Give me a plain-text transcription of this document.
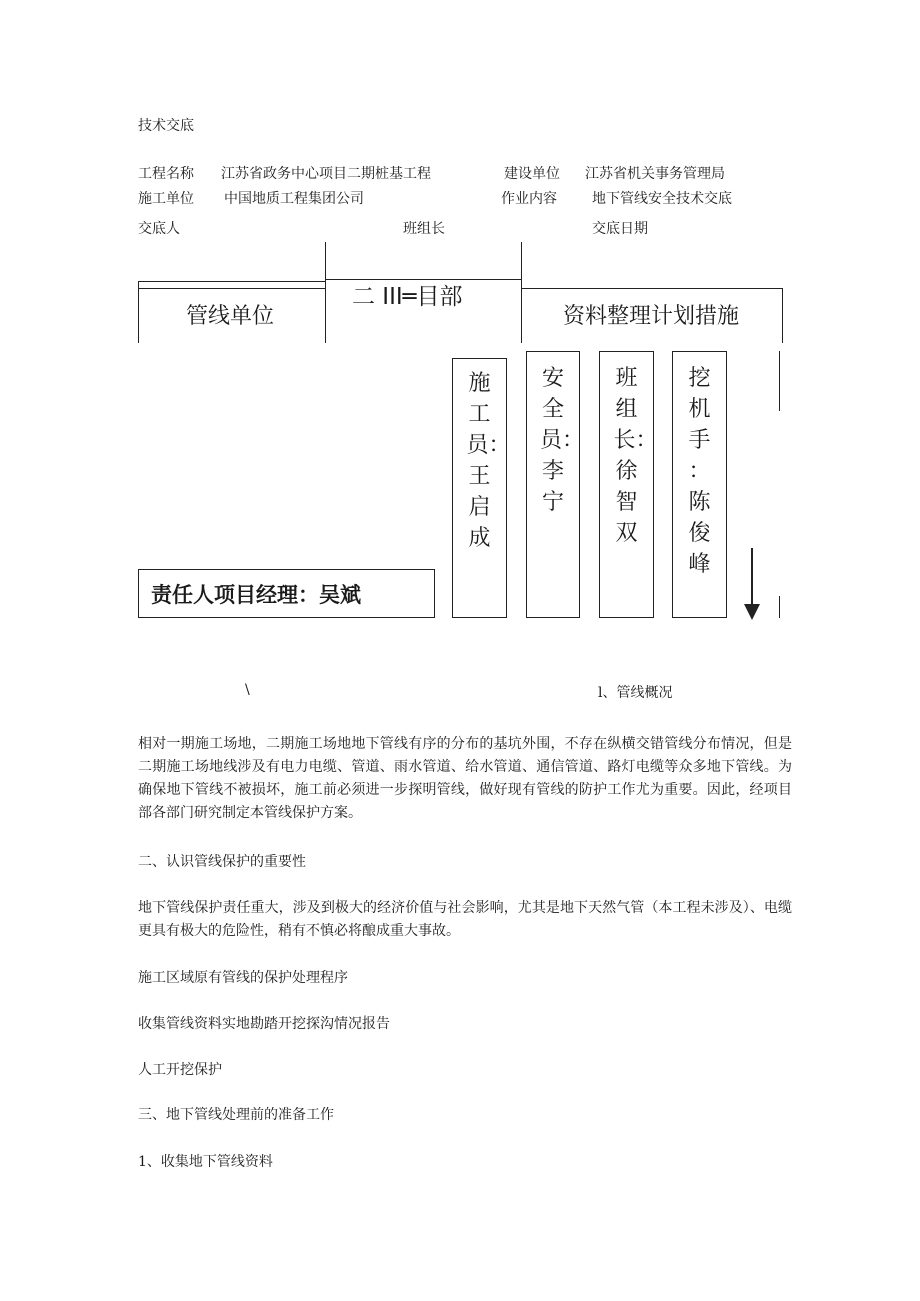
技术交底
工程名称 江苏省政务中心项目二期桩基工程	建设单位 江苏省机关事务管理局
施工单位 中国地质工程集团公司	作业内容	地下管线安全技术交底
交底人	班组长	交底日期
管线单位
二 III═目部
资料整理计划措施
责任人项目经理：吴斌
施工员：王启成
安全员：李宁
班组长：徐智双
挖机手 ：陈俊峰
\	l、管线概况
相对一期施工场地，二期施工场地地下管线有序的分布的基坑外围，不存在纵横交错管线分布情况，但是二期施工场地线涉及有电力电缆、管道、雨水管道、给水管道、通信管道、路灯电缆等众多地下管线。为确保地下管线不被损坏，施工前必须进一步探明管线，做好现有管线的防护工作尤为重要。因此，经项目部各部门研究制定本管线保护方案。
二、认识管线保护的重要性
地下管线保护责任重大，涉及到极大的经济价值与社会影响，尤其是地下天然气管（本工程未涉及）、电缆更具有极大的危险性，稍有不慎必将酿成重大事故。
施工区域原有管线的保护处理程序
收集管线资料实地勘踏开挖探沟情况报告
人工开挖保护
三、地下管线处理前的准备工作
1、收集地下管线资料
